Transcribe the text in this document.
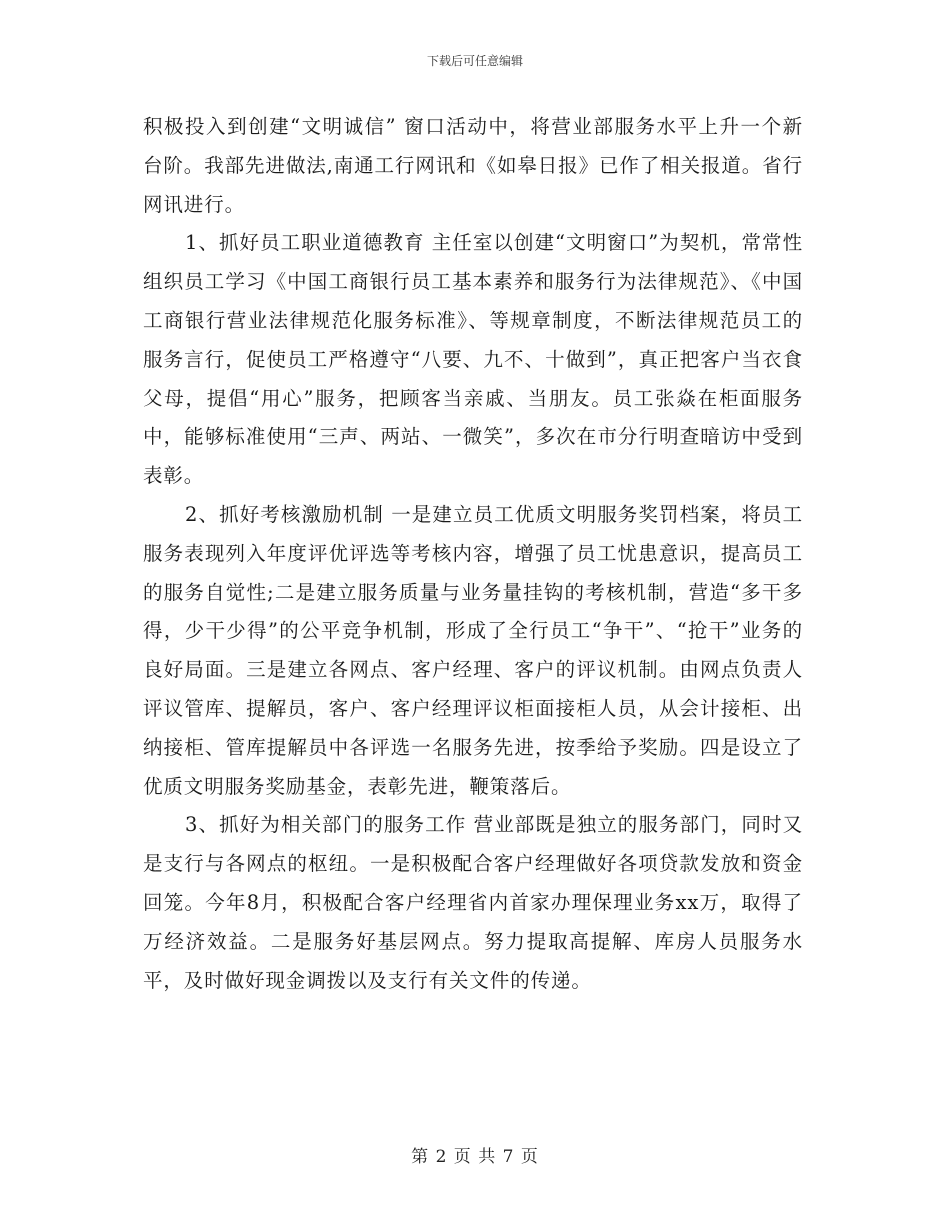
下载后可任意编辑

积极投入到创建“文明诚信” 窗口活动中，将营业部服务水平上升一个新台阶。我部先进做法,南通工行网讯和《如皋日报》已作了相关报道。省行网讯进行。

1、抓好员工职业道德教育 主任室以创建“文明窗口”为契机，常常性组织员工学习《中国工商银行员工基本素养和服务行为法律规范》、《中国工商银行营业法律规范化服务标准》、等规章制度，不断法律规范员工的服务言行，促使员工严格遵守“八要、九不、十做到”，真正把客户当衣食父母，提倡“用心”服务，把顾客当亲戚、当朋友。员工张焱在柜面服务中，能够标准使用“三声、两站、一微笑”，多次在市分行明查暗访中受到表彰。

2、抓好考核激励机制 一是建立员工优质文明服务奖罚档案，将员工服务表现列入年度评优评选等考核内容，增强了员工忧患意识，提高员工的服务自觉性;二是建立服务质量与业务量挂钩的考核机制，营造“多干多得，少干少得”的公平竞争机制，形成了全行员工“争干”、“抢干”业务的良好局面。三是建立各网点、客户经理、客户的评议机制。由网点负责人评议管库、提解员，客户、客户经理评议柜面接柜人员，从会计接柜、出纳接柜、管库提解员中各评选一名服务先进，按季给予奖励。四是设立了优质文明服务奖励基金，表彰先进，鞭策落后。

3、抓好为相关部门的服务工作 营业部既是独立的服务部门，同时又是支行与各网点的枢纽。一是积极配合客户经理做好各项贷款发放和资金回笼。今年8月，积极配合客户经理省内首家办理保理业务xx万，取得了 万经济效益。二是服务好基层网点。努力提取高提解、库房人员服务水平，及时做好现金调拨以及支行有关文件的传递。

第 2 页 共 7 页
